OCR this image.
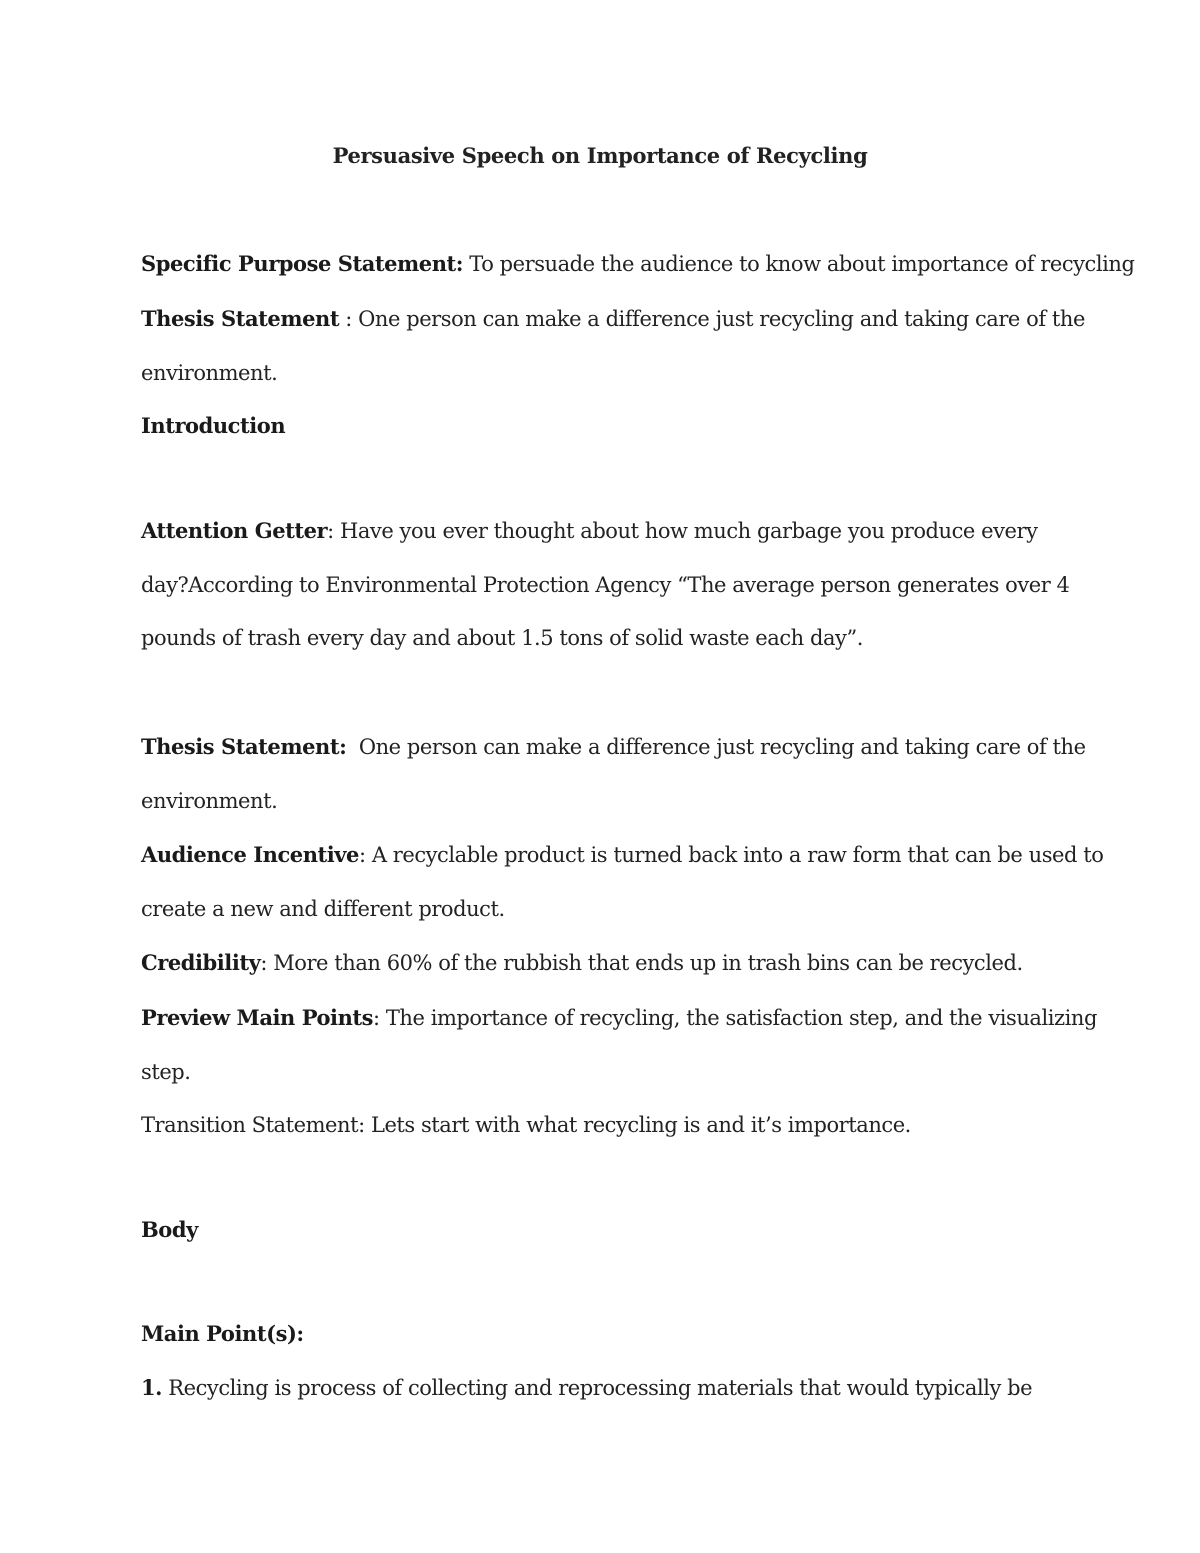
Persuasive Speech on Importance of Recycling
Specific Purpose Statement: To persuade the audience to know about importance of recycling
Thesis Statement : One person can make a difference just recycling and taking care of the
environment.
Introduction
Attention Getter: Have you ever thought about how much garbage you produce every
day?According to Environmental Protection Agency “The average person generates over 4
pounds of trash every day and about 1.5 tons of solid waste each day”.
Thesis Statement:  One person can make a difference just recycling and taking care of the
environment.
Audience Incentive: A recyclable product is turned back into a raw form that can be used to
create a new and different product.
Credibility: More than 60% of the rubbish that ends up in trash bins can be recycled.
Preview Main Points: The importance of recycling, the satisfaction step, and the visualizing
step.
Transition Statement: Lets start with what recycling is and it’s importance.
Body
Main Point(s):
1. Recycling is process of collecting and reprocessing materials that would typically be
